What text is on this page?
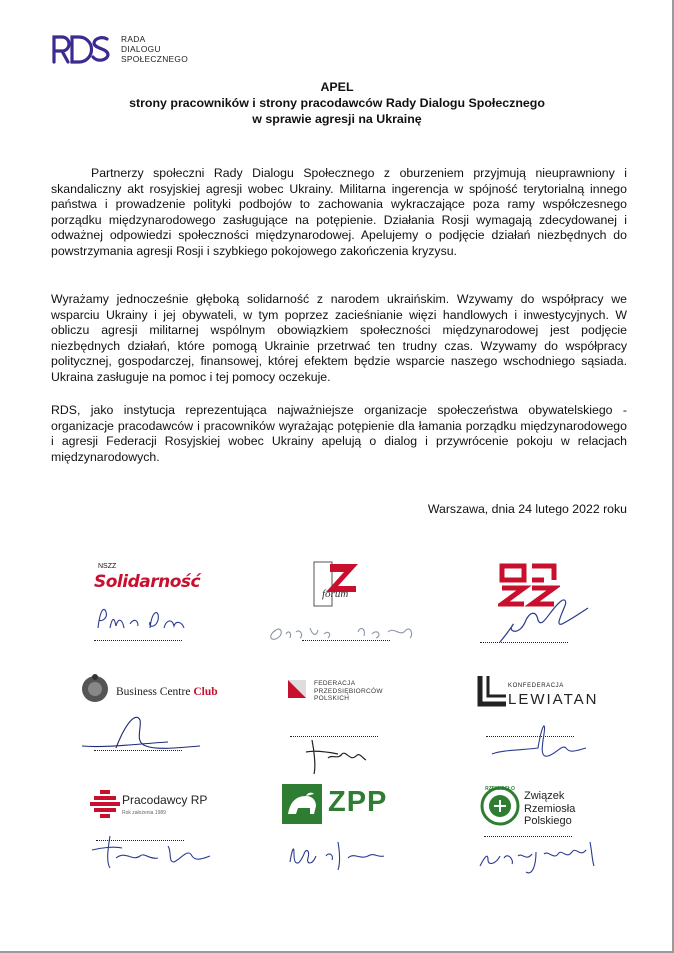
RADA
DIALOGU
SPOŁECZNEGO
APEL
strony pracowników i strony pracodawców Rady Dialogu Społecznego
w sprawie agresji na Ukrainę
Partnerzy społeczni Rady Dialogu Społecznego z oburzeniem przyjmują nieuprawniony i skandaliczny akt rosyjskiej agresji wobec Ukrainy. Militarna ingerencja w spójność terytorialną innego państwa i prowadzenie polityki podbojów to zachowania wykraczające poza ramy współczesnego porządku międzynarodowego zasługujące na potępienie. Działania Rosji wymagają zdecydowanej i odważnej odpowiedzi społeczności międzynarodowej. Apelujemy o podjęcie działań niezbędnych do powstrzymania agresji Rosji i szybkiego pokojowego zakończenia kryzysu.
Wyrażamy jednocześnie głęboką solidarność z narodem ukraińskim. Wzywamy do współpracy we wsparciu Ukrainy i jej obywateli, w tym poprzez zacieśnianie więzi handlowych i inwestycyjnych. W obliczu agresji militarnej wspólnym obowiązkiem społeczności międzynarodowej jest podjęcie niezbędnych działań, które pomogą Ukrainie przetrwać ten trudny czas. Wzywamy do współpracy politycznej, gospodarczej, finansowej, której efektem będzie wsparcie naszego wschodniego sąsiada. Ukraina zasługuje na pomoc i tej pomocy oczekuje.
RDS, jako instytucja reprezentująca najważniejsze organizacje społeczeństwa obywatelskiego - organizacje pracodawców i pracowników wyrażając potępienie dla łamania porządku międzynarodowego i agresji Federacji Rosyjskiej wobec Ukrainy apelują o dialog i przywrócenie pokoju w relacjach międzynarodowych.
Warszawa, dnia 24 lutego 2022 roku
NSZZ
Solidarność
forum
Business Centre Club
FEDERACJA
PRZEDSIĘBIORCÓW
POLSKICH
KONFEDERACJA
LEWIATAN
Pracodawcy RP
Rok założenia 1989	ZPP	RZEMIOSŁO
Związek
Rzemiosła
Polskiego
